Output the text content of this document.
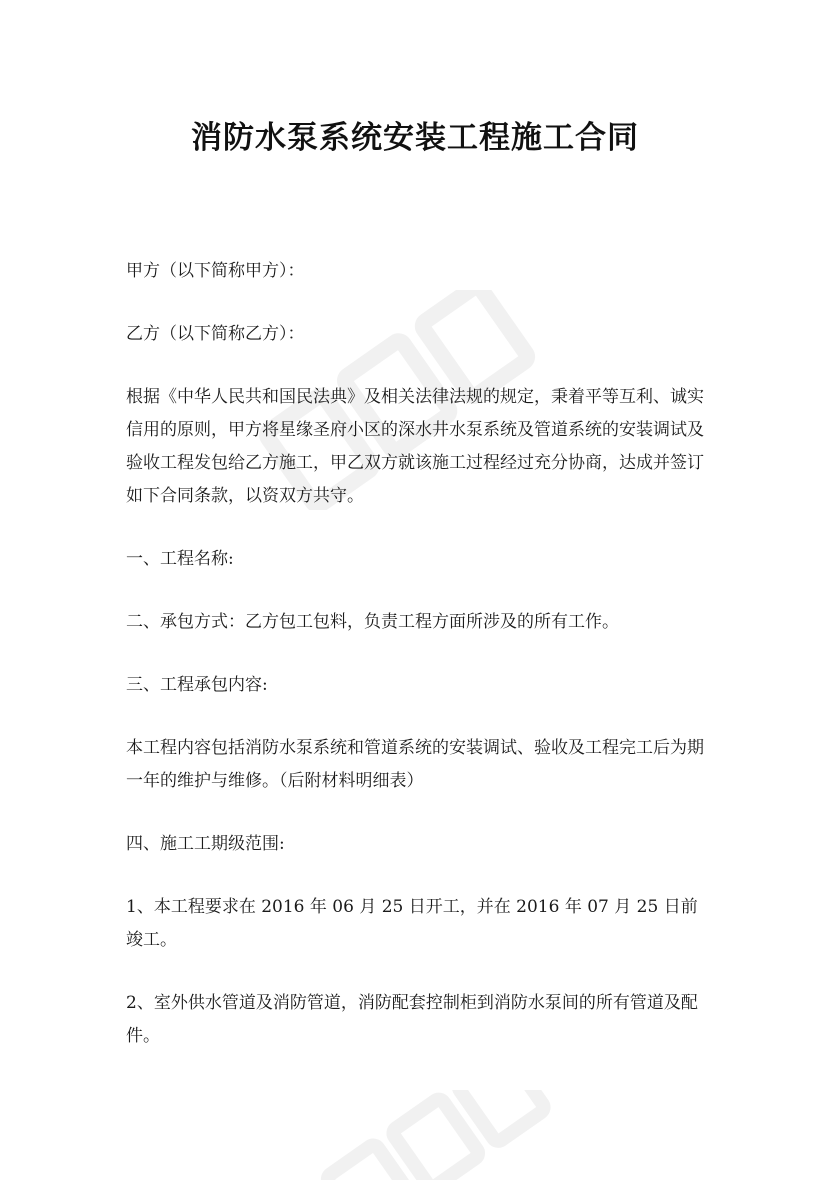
消防水泵系统安装工程施工合同

甲方（以下简称甲方）：

乙方（以下简称乙方）：

根据《中华人民共和国民法典》及相关法律法规的规定，秉着平等互利、诚实信用的原则，甲方将星缘圣府小区的深水井水泵系统及管道系统的安装调试及验收工程发包给乙方施工，甲乙双方就该施工过程经过充分协商，达成并签订如下合同条款，以资双方共守。

一、工程名称:

二、承包方式：乙方包工包料，负责工程方面所涉及的所有工作。

三、工程承包内容:

本工程内容包括消防水泵系统和管道系统的安装调试、验收及工程完工后为期一年的维护与维修。（后附材料明细表）

四、施工工期级范围:

1、本工程要求在 2016 年 06 月 25 日开工，并在 2016 年 07 月 25 日前竣工。

2、室外供水管道及消防管道，消防配套控制柜到消防水泵间的所有管道及配件。
